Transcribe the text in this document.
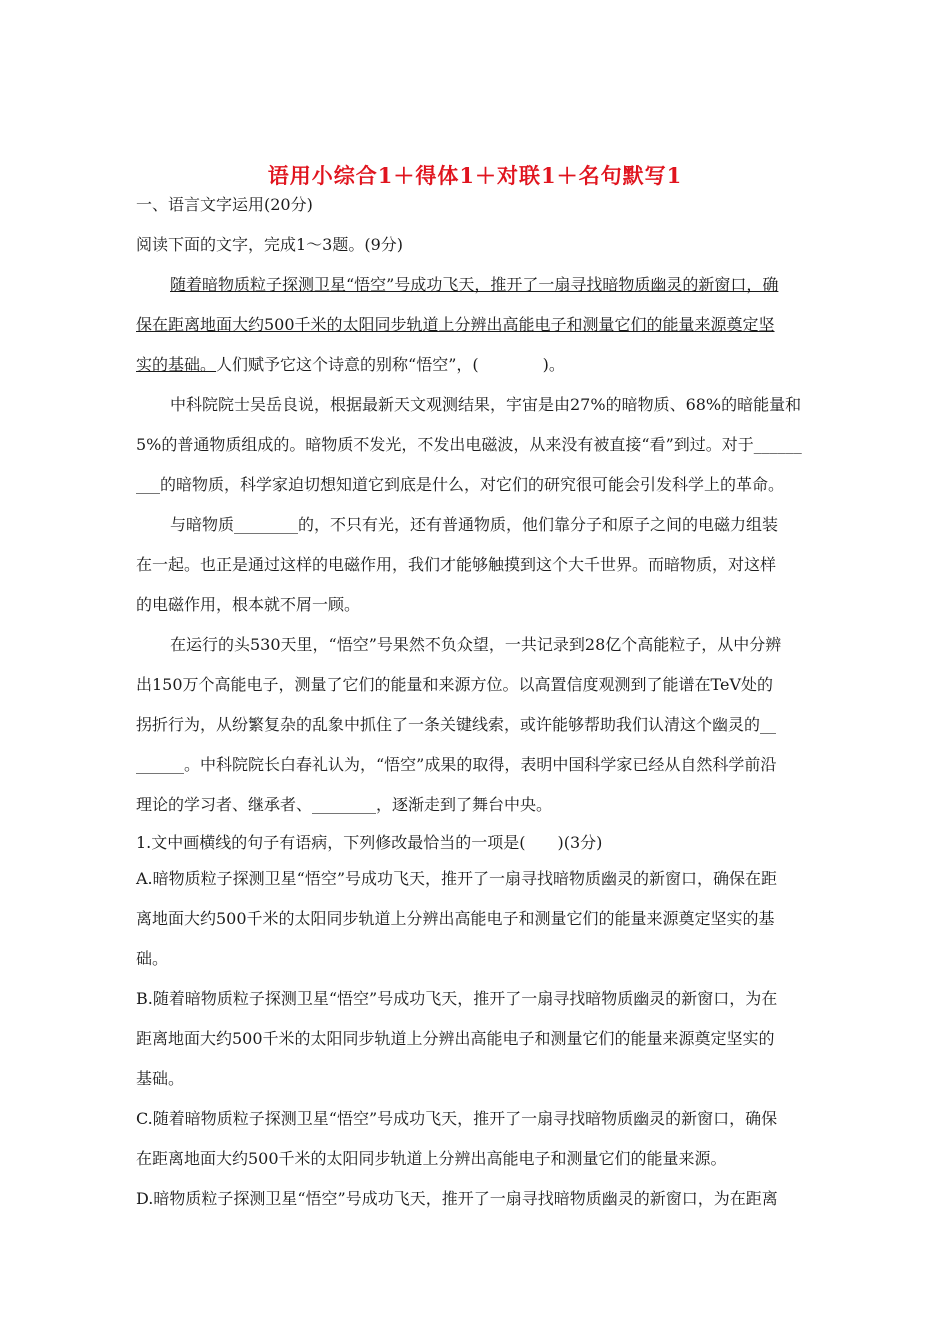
语用小综合1＋得体1＋对联1＋名句默写1
一、语言文字运用(20分)
阅读下面的文字，完成1～3题。(9分)
随着暗物质粒子探测卫星“悟空”号成功飞天，推开了一扇寻找暗物质幽灵的新窗口，确
保在距离地面大约500千米的太阳同步轨道上分辨出高能电子和测量它们的能量来源奠定坚
实的基础。人们赋予它这个诗意的别称“悟空”，(　　　　)。
中科院院士吴岳良说，根据最新天文观测结果，宇宙是由27%的暗物质、68%的暗能量和
5%的普通物质组成的。暗物质不发光，不发出电磁波，从来没有被直接“看”到过。对于______
___的暗物质，科学家迫切想知道它到底是什么，对它们的研究很可能会引发科学上的革命。
与暗物质________的，不只有光，还有普通物质，他们靠分子和原子之间的电磁力组装
在一起。也正是通过这样的电磁作用，我们才能够触摸到这个大千世界。而暗物质，对这样
的电磁作用，根本就不屑一顾。
在运行的头530天里，“悟空”号果然不负众望，一共记录到28亿个高能粒子，从中分辨
出150万个高能电子，测量了它们的能量和来源方位。以高置信度观测到了能谱在TeV处的
拐折行为，从纷繁复杂的乱象中抓住了一条关键线索，或许能够帮助我们认清这个幽灵的__
______。中科院院长白春礼认为，“悟空”成果的取得，表明中国科学家已经从自然科学前沿
理论的学习者、继承者、________，逐渐走到了舞台中央。
1.文中画横线的句子有语病，下列修改最恰当的一项是(　　)(3分)
A.暗物质粒子探测卫星“悟空”号成功飞天，推开了一扇寻找暗物质幽灵的新窗口，确保在距
离地面大约500千米的太阳同步轨道上分辨出高能电子和测量它们的能量来源奠定坚实的基
础。
B.随着暗物质粒子探测卫星“悟空”号成功飞天，推开了一扇寻找暗物质幽灵的新窗口，为在
距离地面大约500千米的太阳同步轨道上分辨出高能电子和测量它们的能量来源奠定坚实的
基础。
C.随着暗物质粒子探测卫星“悟空”号成功飞天，推开了一扇寻找暗物质幽灵的新窗口，确保
在距离地面大约500千米的太阳同步轨道上分辨出高能电子和测量它们的能量来源。
D.暗物质粒子探测卫星“悟空”号成功飞天，推开了一扇寻找暗物质幽灵的新窗口，为在距离
